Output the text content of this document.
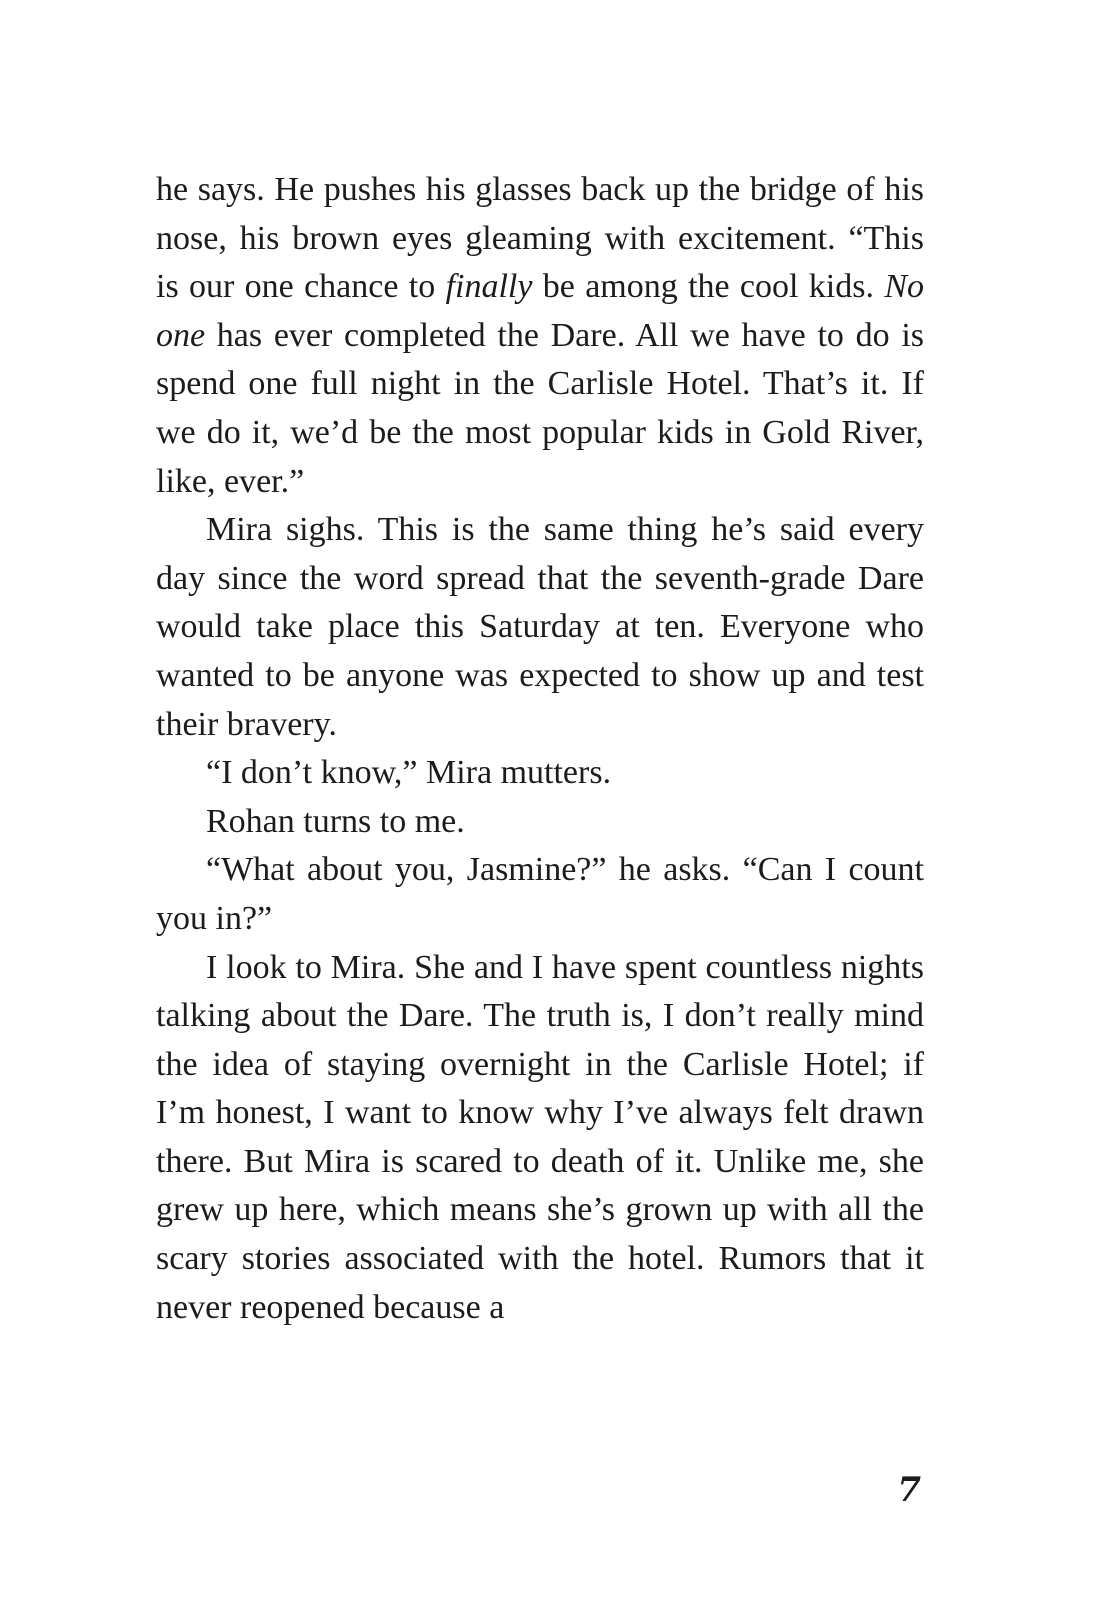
he says. He pushes his glasses back up the bridge of his nose, his brown eyes gleaming with excitement. “This is our one chance to finally be among the cool kids. No one has ever completed the Dare. All we have to do is spend one full night in the Carlisle Hotel. That’s it. If we do it, we’d be the most popular kids in Gold River, like, ever.”

Mira sighs. This is the same thing he’s said every day since the word spread that the seventh-grade Dare would take place this Saturday at ten. Everyone who wanted to be anyone was expected to show up and test their bravery.

“I don’t know,” Mira mutters.

Rohan turns to me.

“What about you, Jasmine?” he asks. “Can I count you in?”

I look to Mira. She and I have spent countless nights talking about the Dare. The truth is, I don’t really mind the idea of staying overnight in the Carlisle Hotel; if I’m honest, I want to know why I’ve always felt drawn there. But Mira is scared to death of it. Unlike me, she grew up here, which means she’s grown up with all the scary stories associated with the hotel. Rumors that it never reopened because a

7
